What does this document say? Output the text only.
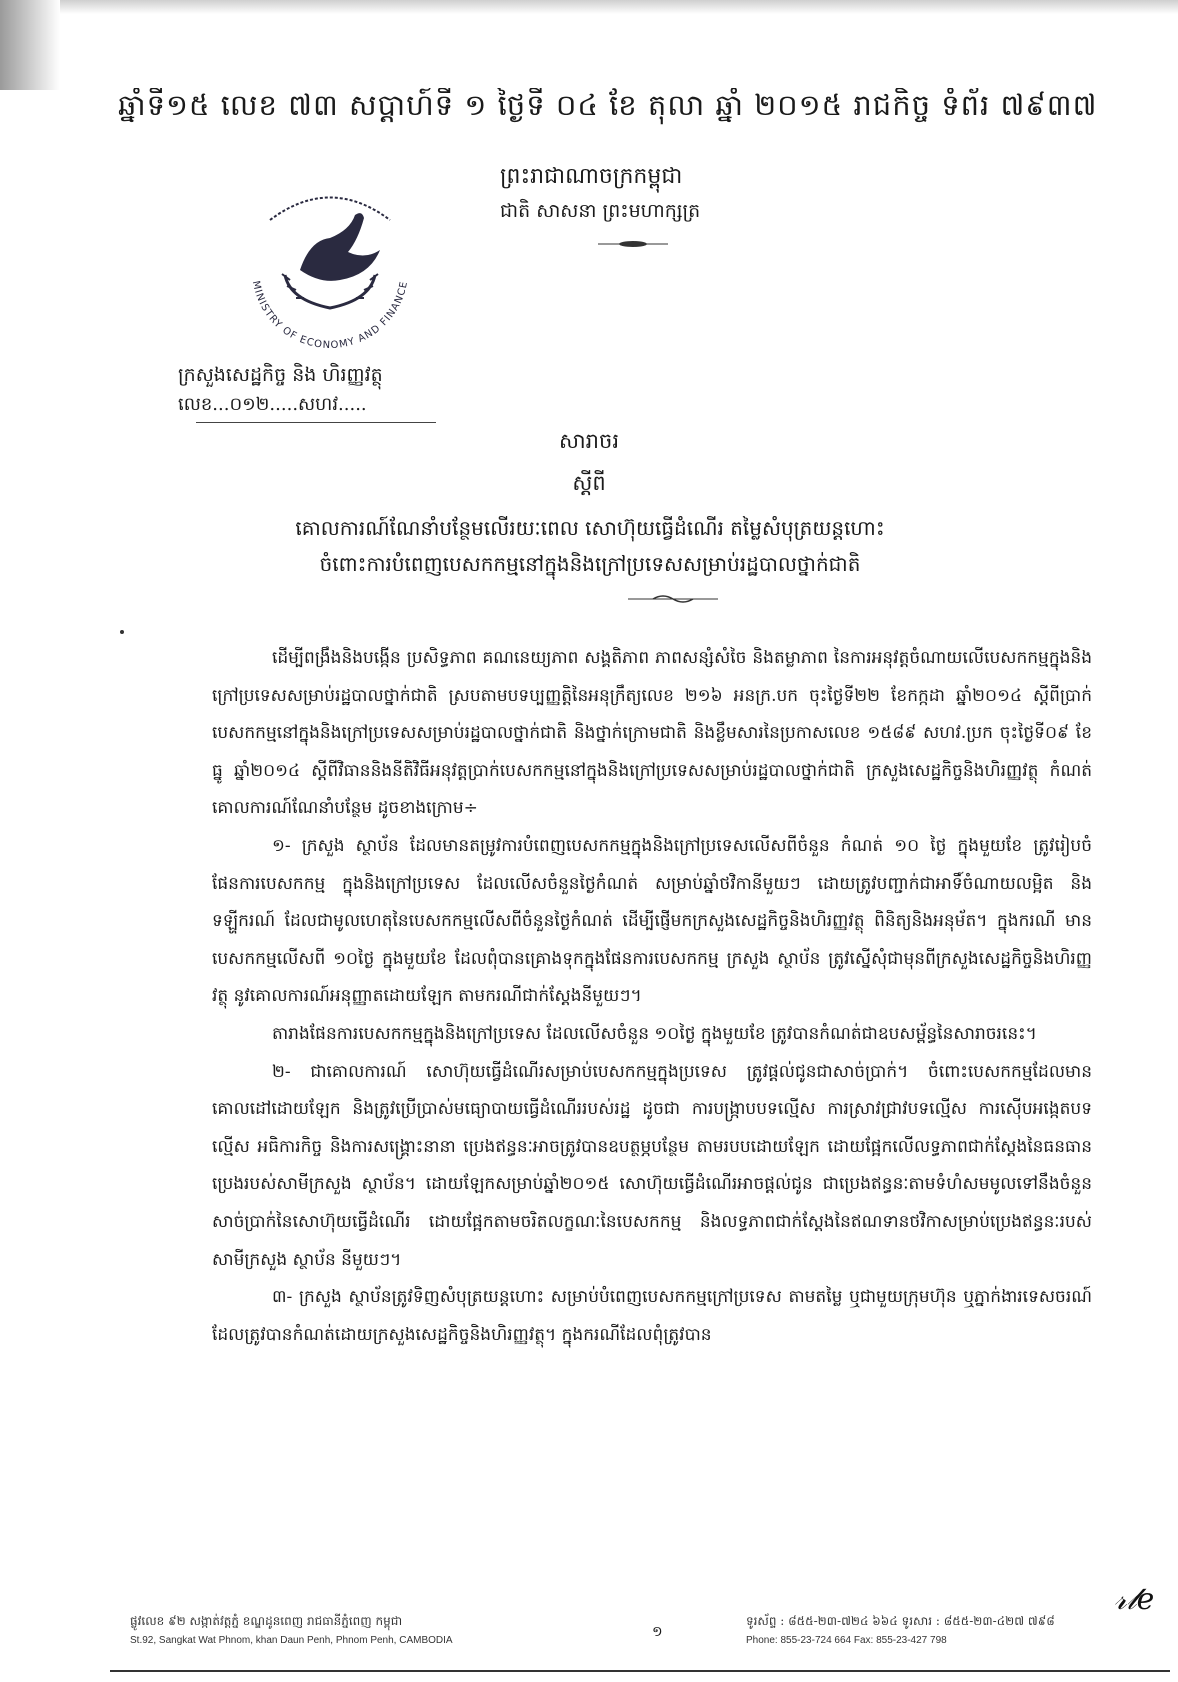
ឆ្នាំទី១៥ លេខ ៧៣ សប្តាហ៍ទី ១ ថ្ងៃទី ០៤ ខែ តុលា ឆ្នាំ ២០១៥ រាជកិច្ច ទំព័រ ៧៩៣៧
ព្រះរាជាណាចក្រកម្ពុជា
ជាតិ សាសនា ព្រះមហាក្សត្រ
MINISTRY OF ECONOMY AND FINANCE
ក្រសួងសេដ្ឋកិច្ច និង ហិរញ្ញវត្ថុ
លេខ...០១២.....សហវ.....
សារាចរ
ស្តីពី
គោលការណ៍ណែនាំបន្ថែមលើរយៈពេល សោហ៊ុយធ្វើដំណើរ តម្លៃសំបុត្រយន្តហោះ
ចំពោះការបំពេញបេសកកម្មនៅក្នុងនិងក្រៅប្រទេសសម្រាប់រដ្ឋបាលថ្នាក់ជាតិ

ដើម្បីពង្រឹងនិងបង្កើន ប្រសិទ្ធភាព គណនេយ្យភាព សង្គតិភាព ភាពសន្សំសំចៃ និងតម្លាភាព នៃការអនុវត្តចំណាយលើបេសកកម្មក្នុងនិងក្រៅប្រទេសសម្រាប់រដ្ឋបាលថ្នាក់ជាតិ ស្របតាមបទប្បញ្ញត្តិនៃអនុក្រឹត្យលេខ ២១៦ អនក្រ.បក ចុះថ្ងៃទី២២ ខែកក្កដា ឆ្នាំ២០១៤ ស្តីពីប្រាក់បេសកកម្មនៅក្នុងនិងក្រៅប្រទេសសម្រាប់រដ្ឋបាលថ្នាក់ជាតិ និងថ្នាក់ក្រោមជាតិ និងខ្លឹមសារនៃប្រកាសលេខ ១៥៨៩ សហវ.ប្រក ចុះថ្ងៃទី០៩ ខែធ្នូ ឆ្នាំ២០១៤ ស្តីពីវិធាននិងនីតិវិធីអនុវត្តប្រាក់បេសកកម្មនៅក្នុងនិងក្រៅប្រទេសសម្រាប់រដ្ឋបាលថ្នាក់ជាតិ ក្រសួងសេដ្ឋកិច្ចនិងហិរញ្ញវត្ថុ កំណត់គោលការណ៍ណែនាំបន្ថែម ដូចខាងក្រោម÷

១- ក្រសួង ស្ថាប័ន ដែលមានតម្រូវការបំពេញបេសកកម្មក្នុងនិងក្រៅប្រទេសលើសពីចំនួន កំណត់ ១០ ថ្ងៃ ក្នុងមួយខែ ត្រូវរៀបចំផែនការបេសកកម្ម ក្នុងនិងក្រៅប្រទេស ដែលលើសចំនួនថ្ងៃកំណត់ សម្រាប់ឆ្នាំថវិកានីមួយៗ ដោយត្រូវបញ្ជាក់ជាអាទិ៍ចំណាយលម្អិត និងទឡ្ហីករណ៍ ដែលជាមូលហេតុនៃបេសកកម្មលើសពីចំនួនថ្ងៃកំណត់ ដើម្បីផ្ញើមកក្រសួងសេដ្ឋកិច្ចនិងហិរញ្ញវត្ថុ ពិនិត្យនិងអនុម័ត។ ក្នុងករណី មានបេសកកម្មលើសពី ១០ថ្ងៃ ក្នុងមួយខែ ដែលពុំបានគ្រោងទុកក្នុងផែនការបេសកកម្ម ក្រសួង ស្ថាប័ន ត្រូវស្នើសុំជាមុនពីក្រសួងសេដ្ឋកិច្ចនិងហិរញ្ញវត្ថុ នូវគោលការណ៍អនុញ្ញាតដោយឡែក តាមករណីជាក់ស្តែងនីមួយៗ។

តារាងផែនការបេសកកម្មក្នុងនិងក្រៅប្រទេស ដែលលើសចំនួន ១០ថ្ងៃ ក្នុងមួយខែ ត្រូវបានកំណត់ជាឧបសម្ព័ន្ធនៃសារាចរនេះ។

២- ជាគោលការណ៍ សោហ៊ុយធ្វើដំណើរសម្រាប់បេសកកម្មក្នុងប្រទេស ត្រូវផ្តល់ជូនជាសាច់ប្រាក់។ ចំពោះបេសកកម្មដែលមានគោលដៅដោយឡែក និងត្រូវប្រើប្រាស់មធ្យោបាយធ្វើដំណើររបស់រដ្ឋ ដូចជា ការបង្ក្រាបបទល្មើស ការស្រាវជ្រាវបទល្មើស ការស៊ើបអង្កេតបទល្មើស អធិការកិច្ច និងការសង្គ្រោះនានា ប្រេងឥន្ធនៈអាចត្រូវបានឧបត្ថម្ភបន្ថែម តាមរបបដោយឡែក ដោយផ្អែកលើលទ្ធភាពជាក់ស្តែងនៃធនធានប្រេងរបស់សាមីក្រសួង ស្ថាប័ន។ ដោយឡែកសម្រាប់ឆ្នាំ២០១៥ សោហ៊ុយធ្វើដំណើរអាចផ្តល់ជូន ជាប្រេងឥន្ធនៈតាមទំហំសមមូលទៅនឹងចំនួនសាច់ប្រាក់នៃសោហ៊ុយធ្វើដំណើរ ដោយផ្អែកតាមចរិតលក្ខណៈនៃបេសកកម្ម និងលទ្ធភាពជាក់ស្តែងនៃឥណទានថវិកាសម្រាប់ប្រេងឥន្ធនៈរបស់សាមីក្រសួង ស្ថាប័ន នីមួយៗ។

៣- ក្រសួង ស្ថាប័នត្រូវទិញសំបុត្រយន្តហោះ សម្រាប់បំពេញបេសកកម្មក្រៅប្រទេស តាមតម្លៃ ឬជាមួយក្រុមហ៊ុន ឬភ្នាក់ងារទេសចរណ៍ដែលត្រូវបានកំណត់ដោយក្រសួងសេដ្ឋកិច្ចនិងហិរញ្ញវត្ថុ។ ក្នុងករណីដែលពុំត្រូវបាន

𝓇𝓁ℯ
ផ្លូវលេខ ៩២ សង្កាត់វត្តភ្នំ ខណ្ឌដូនពេញ រាជធានីភ្នំពេញ កម្ពុជា
St.92, Sangkat Wat Phnom, khan Daun Penh, Phnom Penh, CAMBODIA
១
ទូរស័ព្ទ : ៨៥៥-២៣-៧២៤ ៦៦៤ ទូរសារ : ៨៥៥-២៣-៤២៧ ៧៩៨
Phone: 855-23-724 664 Fax: 855-23-427 798
